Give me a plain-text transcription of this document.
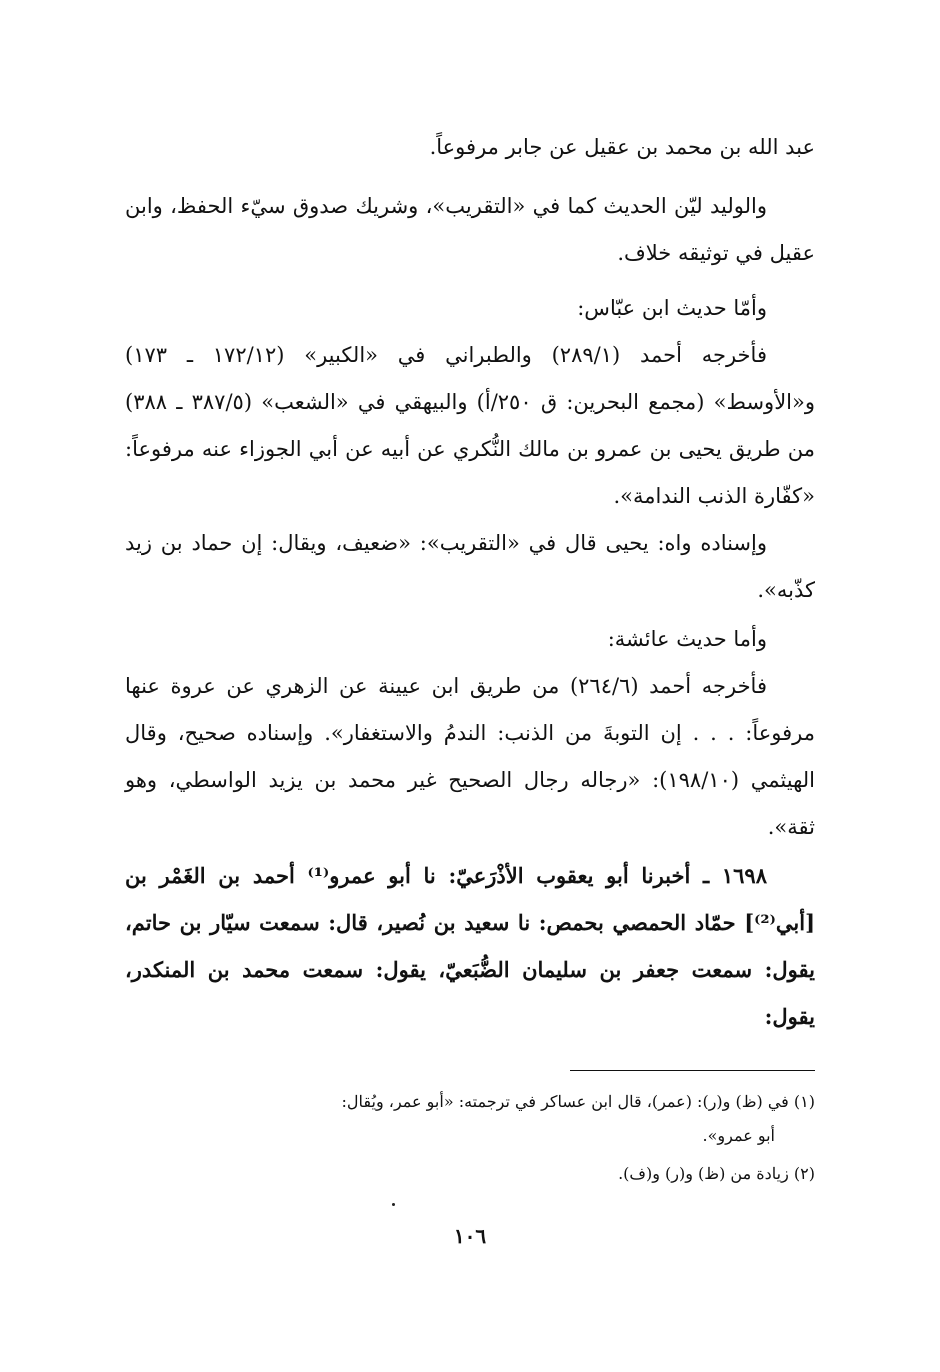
عبد الله بن محمد بن عقيل عن جابر مرفوعاً.

والوليد ليّن الحديث كما في «التقريب»، وشريك صدوق سيّء الحفظ، وابن عقيل في توثيقه خلاف.

وأمّا حديث ابن عبّاس:

فأخرجه أحمد (٢٨٩/١) والطبراني في «الكبير» (١٧٢/١٢ ـ ١٧٣) و«الأوسط» (مجمع البحرين: ق ٢٥٠/أ) والبيهقي في «الشعب» (٣٨٧/٥ ـ ٣٨٨) من طريق يحيى بن عمرو بن مالك النُّكري عن أبيه عن أبي الجوزاء عنه مرفوعاً: «كفّارة الذنب الندامة».

وإسناده واه: يحيى قال في «التقريب»: «ضعيف، ويقال: إن حماد بن زيد كذّبه».

وأما حديث عائشة:

فأخرجه أحمد (٢٦٤/٦) من طريق ابن عيينة عن الزهري عن عروة عنها مرفوعاً: . . . إن التوبةَ من الذنب: الندمُ والاستغفار». وإسناده صحيح، وقال الهيثمي (١٩٨/١٠): «رجاله رجال الصحيح غير محمد بن يزيد الواسطي، وهو ثقة».

١٦٩٨ ـ أخبرنا أبو يعقوب الأذْرَعيّ: نا أبو عمرو⁽¹⁾ أحمد بن الغَمْر بن [أبي⁽²⁾] حمّاد الحمصي بحمص: نا سعيد بن نُصير، قال: سمعت سيّار بن حاتم، يقول: سمعت جعفر بن سليمان الضُّبَعيّ، يقول: سمعت محمد بن المنكدر، يقول:

(١) في (ظ) و(ر): (عمر)، قال ابن عساكر في ترجمته: «أبو عمر، ويُقال:

أبو عمرو».

(٢) زيادة من (ظ) و(ر) و(ف).

١٠٦
